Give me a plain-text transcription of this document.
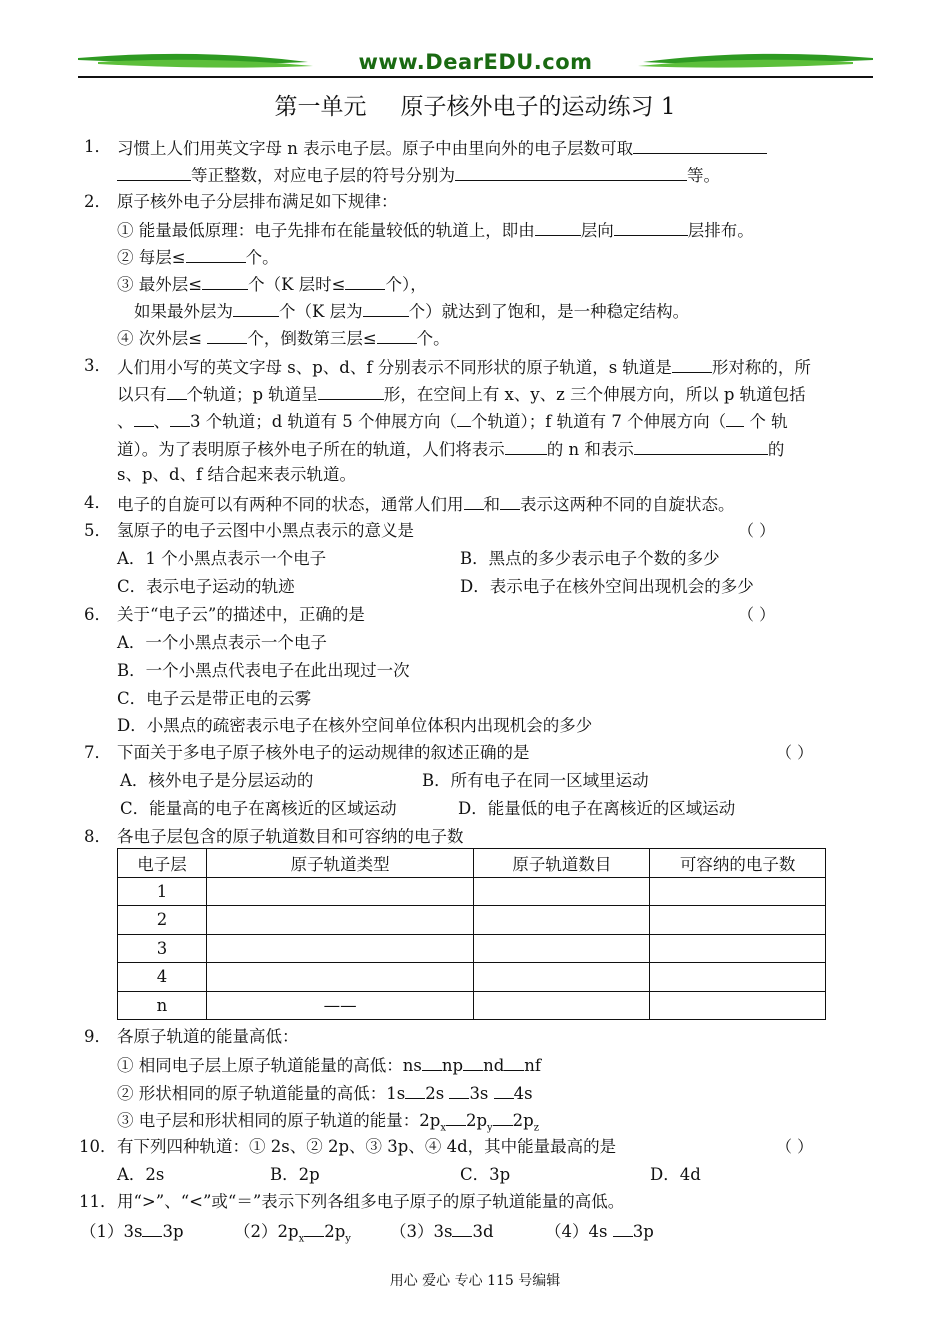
www.DearEDU.com
第一单元 原子核外电子的运动练习 1
1． 习惯上人们用英文字母 n 表示电子层。原子中由里向外的电子层数可取
等正整数，对应电子层的符号分别为	等。
2． 原子核外电子分层排布满足如下规律：
① 能量最低原理：电子先排布在能量较低的轨道上，即由	层向	层排布。
② 每层≤	个。
③ 最外层≤	个（K 层时≤ 个），
如果最外层为	个（K 层为	个）就达到了饱和，是一种稳定结构。
④ 次外层≤ 个，倒数第三层≤ 个。
3． 人们用小写的英文字母 s、p、d、f 分别表示不同形状的原子轨道，s 轨道是 形对称的，所
以只有 个轨道；p 轨道呈	形，在空间上有 x、y、z 三个伸展方向，所以 p 轨道包括
、 、 3 个轨道；d 轨道有 5 个伸展方向（ 个轨道）；f 轨道有 7 个伸展方向（ 个 轨
道）。为了表明原子核外电子所在的轨道，人们将表示	的 n 和表示	的
s、p、d、f 结合起来表示轨道。
4． 电子的自旋可以有两种不同的状态，通常人们用 和 表示这两种不同的自旋状态。
5． 氢原子的电子云图中小黑点表示的意义是	（ ）
A．1 个小黑点表示一个电子	B．黑点的多少表示电子个数的多少
C．表示电子运动的轨迹	D．表示电子在核外空间出现机会的多少
6． 关于“电子云”的描述中，正确的是	（ ）
A．一个小黑点表示一个电子
B．一个小黑点代表电子在此出现过一次
C．电子云是带正电的云雾
D．小黑点的疏密表示电子在核外空间单位体积内出现机会的多少
7． 下面关于多电子原子核外电子的运动规律的叙述正确的是	（ ）
A．核外电子是分层运动的	B．所有电子在同一区域里运动
C．能量高的电子在离核近的区域运动	D．能量低的电子在离核近的区域运动
8． 各电子层包含的原子轨道数目和可容纳的电子数
电子层	原子轨道类型	原子轨道数目	可容纳的电子数
1			
2			
3			
4			
n	——		
9． 各原子轨道的能量高低：
① 相同电子层上原子轨道能量的高低：ns np nd nf
② 形状相同的原子轨道能量的高低：1s 2s 3s 4s
③ 电子层和形状相同的原子轨道的能量：$2p_x$ $2p_y$ $2p_z$
10． 有下列四种轨道：① 2s、② 2p、③ 3p、④ 4d，其中能量最高的是	（ ）
A．2s	B．2p	C．3p	D．4d
11． 用“>”、“<”或“＝”表示下列各组多电子原子的原子轨道能量的高低。
（1）3s 3p	$(2)2p_x$ $2p_y$ （3）3s 3d	（4）4s 3p
用心 爱心 专心 115 号编辑
